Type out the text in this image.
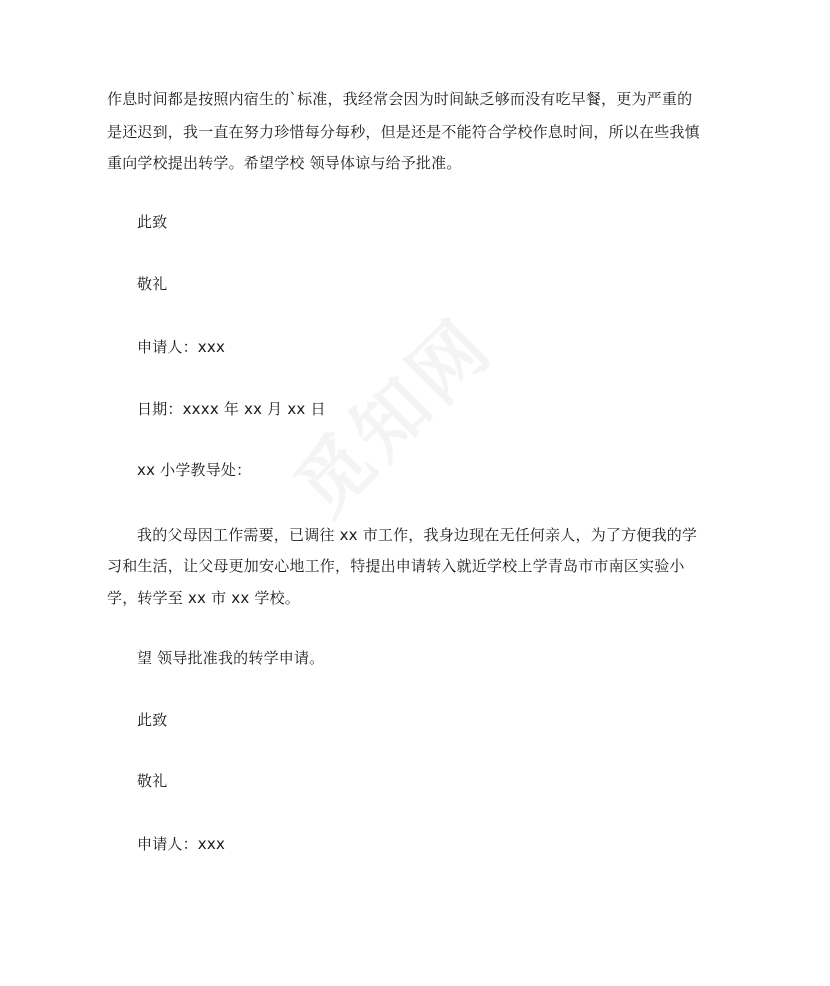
作息时间都是按照内宿生的`标准，我经常会因为时间缺乏够而没有吃早餐，更为严重的
是还迟到，我一直在努力珍惜每分每秒，但是还是不能符合学校作息时间，所以在些我慎
重向学校提出转学。希望学校 领导体谅与给予批准。
此致
敬礼
申请人：xxx
日期：xxxx 年 xx 月 xx 日
xx 小学教导处：
我的父母因工作需要，已调往 xx 市工作，我身边现在无任何亲人，为了方便我的学
习和生活，让父母更加安心地工作，特提出申请转入就近学校上学青岛市市南区实验小
学，转学至 xx 市 xx 学校。
望 领导批准我的转学申请。
此致
敬礼
申请人：xxx
